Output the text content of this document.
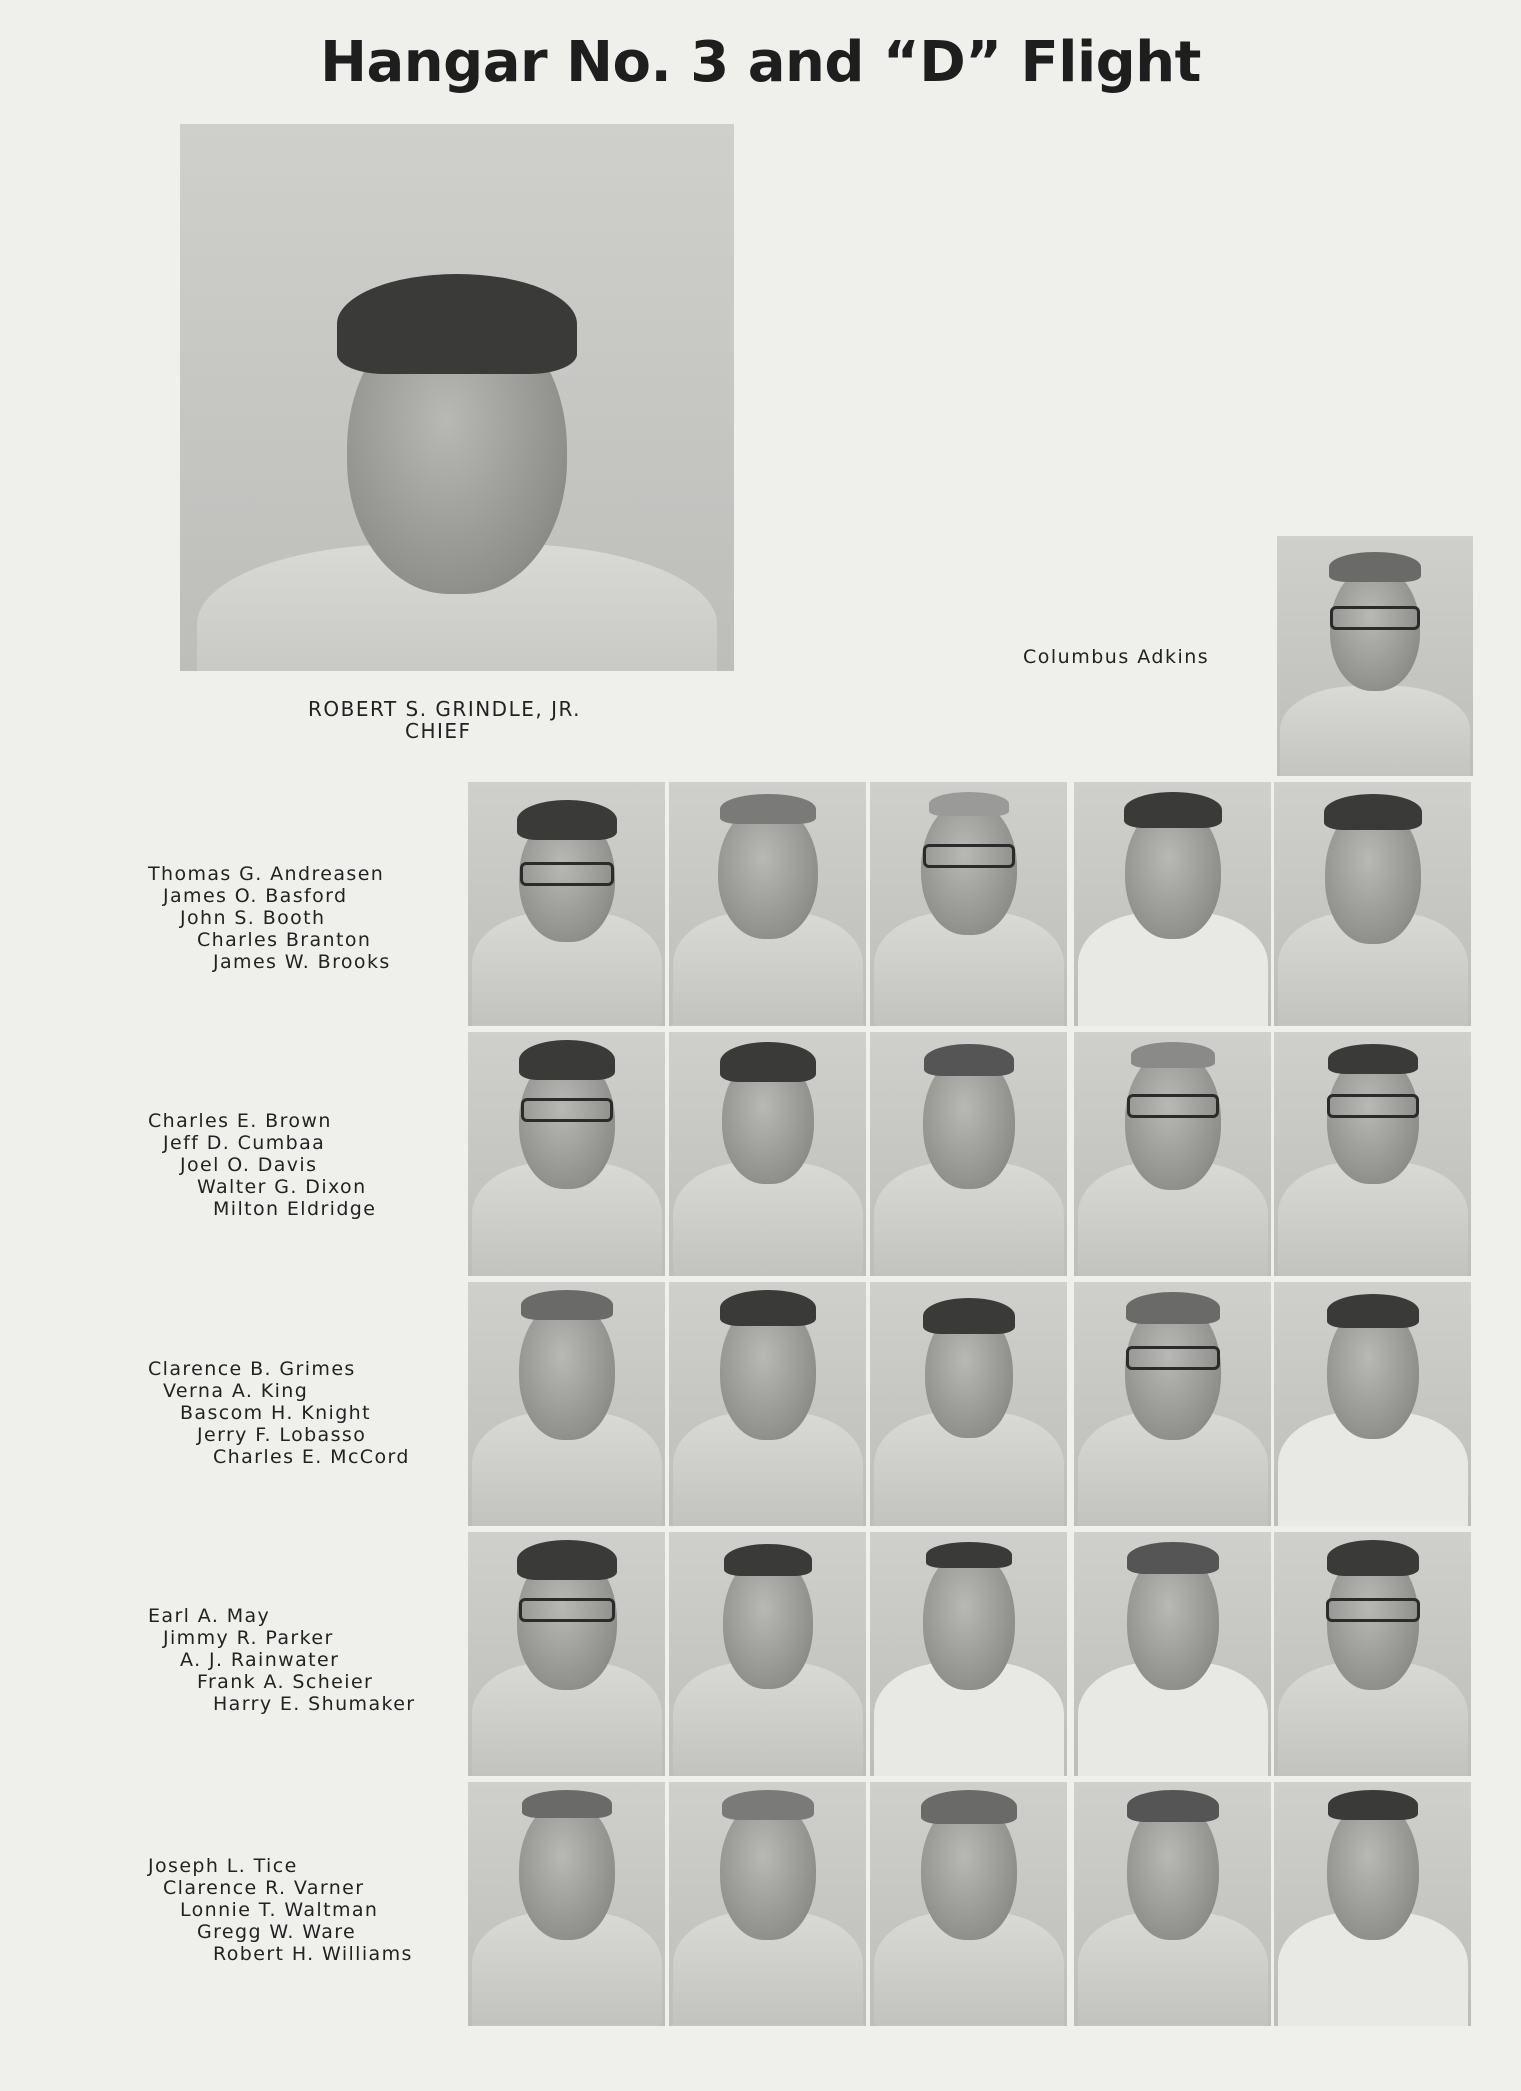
Hangar No. 3 and “D” Flight
ROBERT S. GRINDLE, JR.
CHIEF
Columbus Adkins
Thomas G. Andreasen
James O. Basford
John S. Booth
Charles Branton
James W. Brooks
Charles E. Brown
Jeff D. Cumbaa
Joel O. Davis
Walter G. Dixon
Milton Eldridge
Clarence B. Grimes
Verna A. King
Bascom H. Knight
Jerry F. Lobasso
Charles E. McCord
Earl A. May
Jimmy R. Parker
A. J. Rainwater
Frank A. Scheier
Harry E. Shumaker
Joseph L. Tice
Clarence R. Varner
Lonnie T. Waltman
Gregg W. Ware
Robert H. Williams
